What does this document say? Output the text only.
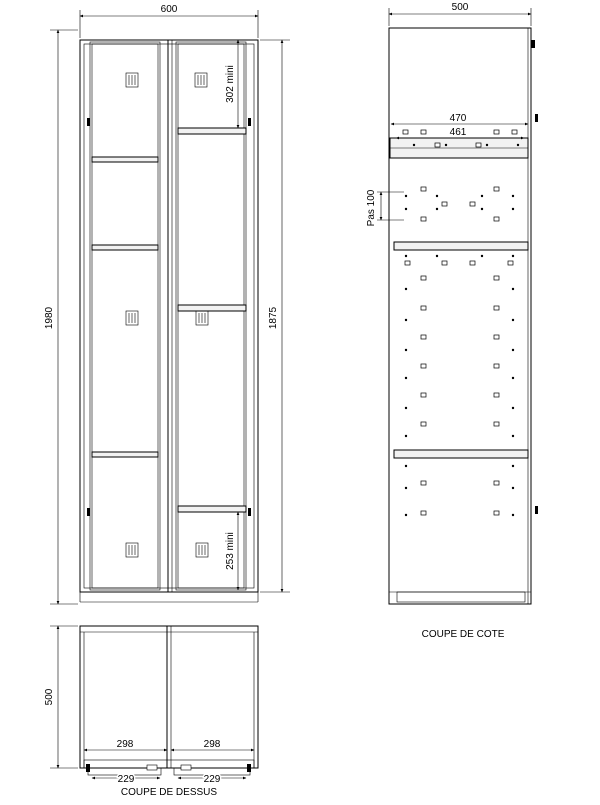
600
1980	1875
302 mini
253 mini
500
470
461
Pas 100
COUPE DE COTE
500
298	298
229	229
COUPE DE DESSUS
